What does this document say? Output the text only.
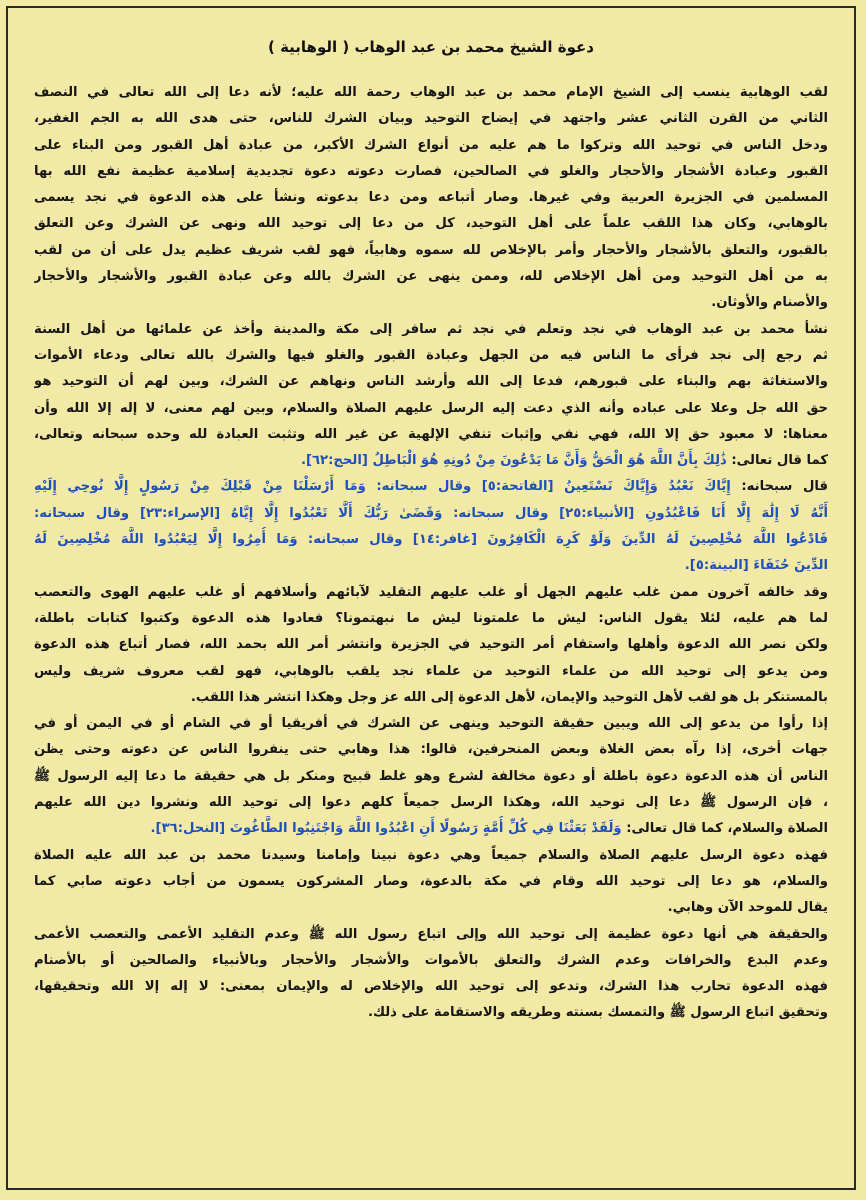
دعوة الشيخ محمد بن عبد الوهاب ( الوهابية )
لقب الوهابية ينسب إلى الشيخ الإمام محمد بن عبد الوهاب رحمة الله عليه؛ لأنه دعا إلى الله تعالى في النصف
الثاني من القرن الثاني عشر واجتهد في إيضاح التوحيد وبيان الشرك للناس، حتى هدى الله به الجم الغفير،
ودخل الناس في توحيد الله وتركوا ما هم عليه من أنواع الشرك الأكبر، من عبادة أهل القبور ومن البناء على
القبور وعبادة الأشجار والأحجار والغلو في الصالحين، فصارت دعوته دعوة تجديدية إسلامية عظيمة نفع الله بها
المسلمين في الجزيرة العربية وفي غيرها. وصار أتباعه ومن دعا بدعوته ونشأ على هذه الدعوة في نجد يسمى
بالوهابي، وكان هذا اللقب علماً على أهل التوحيد، كل من دعا إلى توحيد الله ونهى عن الشرك وعن التعلق
بالقبور، والتعلق بالأشجار والأحجار وأمر بالإخلاص لله سموه وهابياً، فهو لقب شريف عظيم يدل على أن من لقب
به من أهل التوحيد ومن أهل الإخلاص لله، وممن ينهى عن الشرك بالله وعن عبادة القبور والأشجار والأحجار
والأصنام والأوثان.
نشأ محمد بن عبد الوهاب في نجد وتعلم في نجد ثم سافر إلى مكة والمدينة وأخذ عن علمائها من أهل السنة
ثم رجع إلى نجد فرأى ما الناس فيه من الجهل وعبادة القبور والغلو فيها والشرك بالله تعالى ودعاء الأموات
والاستغاثة بهم والبناء على قبورهم، فدعا إلى الله وأرشد الناس ونهاهم عن الشرك، وبين لهم أن التوحيد هو
حق الله جل وعلا على عباده وأنه الذي دعت إليه الرسل عليهم الصلاة والسلام، وبين لهم معنى، لا إله إلا الله وأن
معناها: لا معبود حق إلا الله، فهي نفي وإثبات تنفي الإلهية عن غير الله وتثبت العبادة لله وحده سبحانه وتعالى،
كما قال تعالى: ذَٰلِكَ بِأَنَّ اللَّهَ هُوَ الْحَقُّ وَأَنَّ مَا يَدْعُونَ مِنْ دُونِهِ هُوَ الْبَاطِلُ [الحج:٦٢].
قال سبحانه: إِيَّاكَ نَعْبُدُ وَإِيَّاكَ نَسْتَعِينُ [الفاتحة:٥] وقال سبحانه: وَمَا أَرْسَلْنَا مِنْ قَبْلِكَ مِنْ رَسُولٍ إِلَّا نُوحِي إِلَيْهِ
أَنَّهُ لَا إِلَٰهَ إِلَّا أَنَا فَاعْبُدُونِ [الأنبياء:٢٥] وقال سبحانه: وَقَضَىٰ رَبُّكَ أَلَّا تَعْبُدُوا إِلَّا إِيَّاهُ [الإسراء:٢٣] وقال سبحانه:
فَادْعُوا اللَّهَ مُخْلِصِينَ لَهُ الدِّينَ وَلَوْ كَرِهَ الْكَافِرُونَ [غافر:١٤] وقال سبحانه: وَمَا أُمِرُوا إِلَّا لِيَعْبُدُوا اللَّهَ مُخْلِصِينَ لَهُ
الدِّينَ حُنَفَاءَ [البينة:٥].
وقد خالفه آخرون ممن غلب عليهم الجهل أو غلب عليهم التقليد لآبائهم وأسلافهم أو غلب عليهم الهوى والتعصب
لما هم عليه، لئلا يقول الناس: ليش ما علمتونا ليش ما نبهتمونا؟ فعادوا هذه الدعوة وكتبوا كتابات باطلة،
ولكن نصر الله الدعوة وأهلها واستقام أمر التوحيد في الجزيرة وانتشر أمر الله بحمد الله، فصار أتباع هذه الدعوة
ومن يدعو إلى توحيد الله من علماء التوحيد من علماء نجد يلقب بالوهابي، فهو لقب معروف شريف وليس
بالمستنكر بل هو لقب لأهل التوحيد والإيمان، لأهل الدعوة إلى الله عز وجل وهكذا انتشر هذا اللقب.
إذا رأوا من يدعو إلى الله ويبين حقيقة التوحيد وينهى عن الشرك في أفريقيا أو في الشام أو في اليمن أو في
جهات أخرى، إذا رآه بعض الغلاة وبعض المنحرفين، قالوا: هذا وهابي حتى ينفروا الناس عن دعوته وحتى يظن
الناس أن هذه الدعوة دعوة باطلة أو دعوة مخالفة لشرع وهو غلط قبيح ومنكر بل هي حقيقة ما دعا إليه الرسول ﷺ
، فإن الرسول ﷺ دعا إلى توحيد الله، وهكذا الرسل جميعاً كلهم دعوا إلى توحيد الله ونشروا دين الله عليهم
الصلاة والسلام، كما قال تعالى: وَلَقَدْ بَعَثْنَا فِي كُلِّ أُمَّةٍ رَسُولًا أَنِ اعْبُدُوا اللَّهَ وَاجْتَنِبُوا الطَّاغُوتَ [النحل:٣٦].
فهذه دعوة الرسل عليهم الصلاة والسلام جميعاً وهي دعوة نبينا وإمامنا وسيدنا محمد بن عبد الله عليه الصلاة
والسلام، هو دعا إلى توحيد الله وقام في مكة بالدعوة، وصار المشركون يسمون من أجاب دعوته صابي كما
يقال للموحد الآن وهابي.
والحقيقة هي أنها دعوة عظيمة إلى توحيد الله وإلى اتباع رسول الله ﷺ وعدم التقليد الأعمى والتعصب الأعمى
وعدم البدع والخرافات وعدم الشرك والتعلق بالأموات والأشجار والأحجار وبالأنبياء والصالحين أو بالأصنام
فهذه الدعوة تحارب هذا الشرك، وتدعو إلى توحيد الله والإخلاص له والإيمان بمعنى: لا إله إلا الله وتحقيقها،
وتحقيق اتباع الرسول ﷺ والتمسك بسنته وطريقه والاستقامة على ذلك.
